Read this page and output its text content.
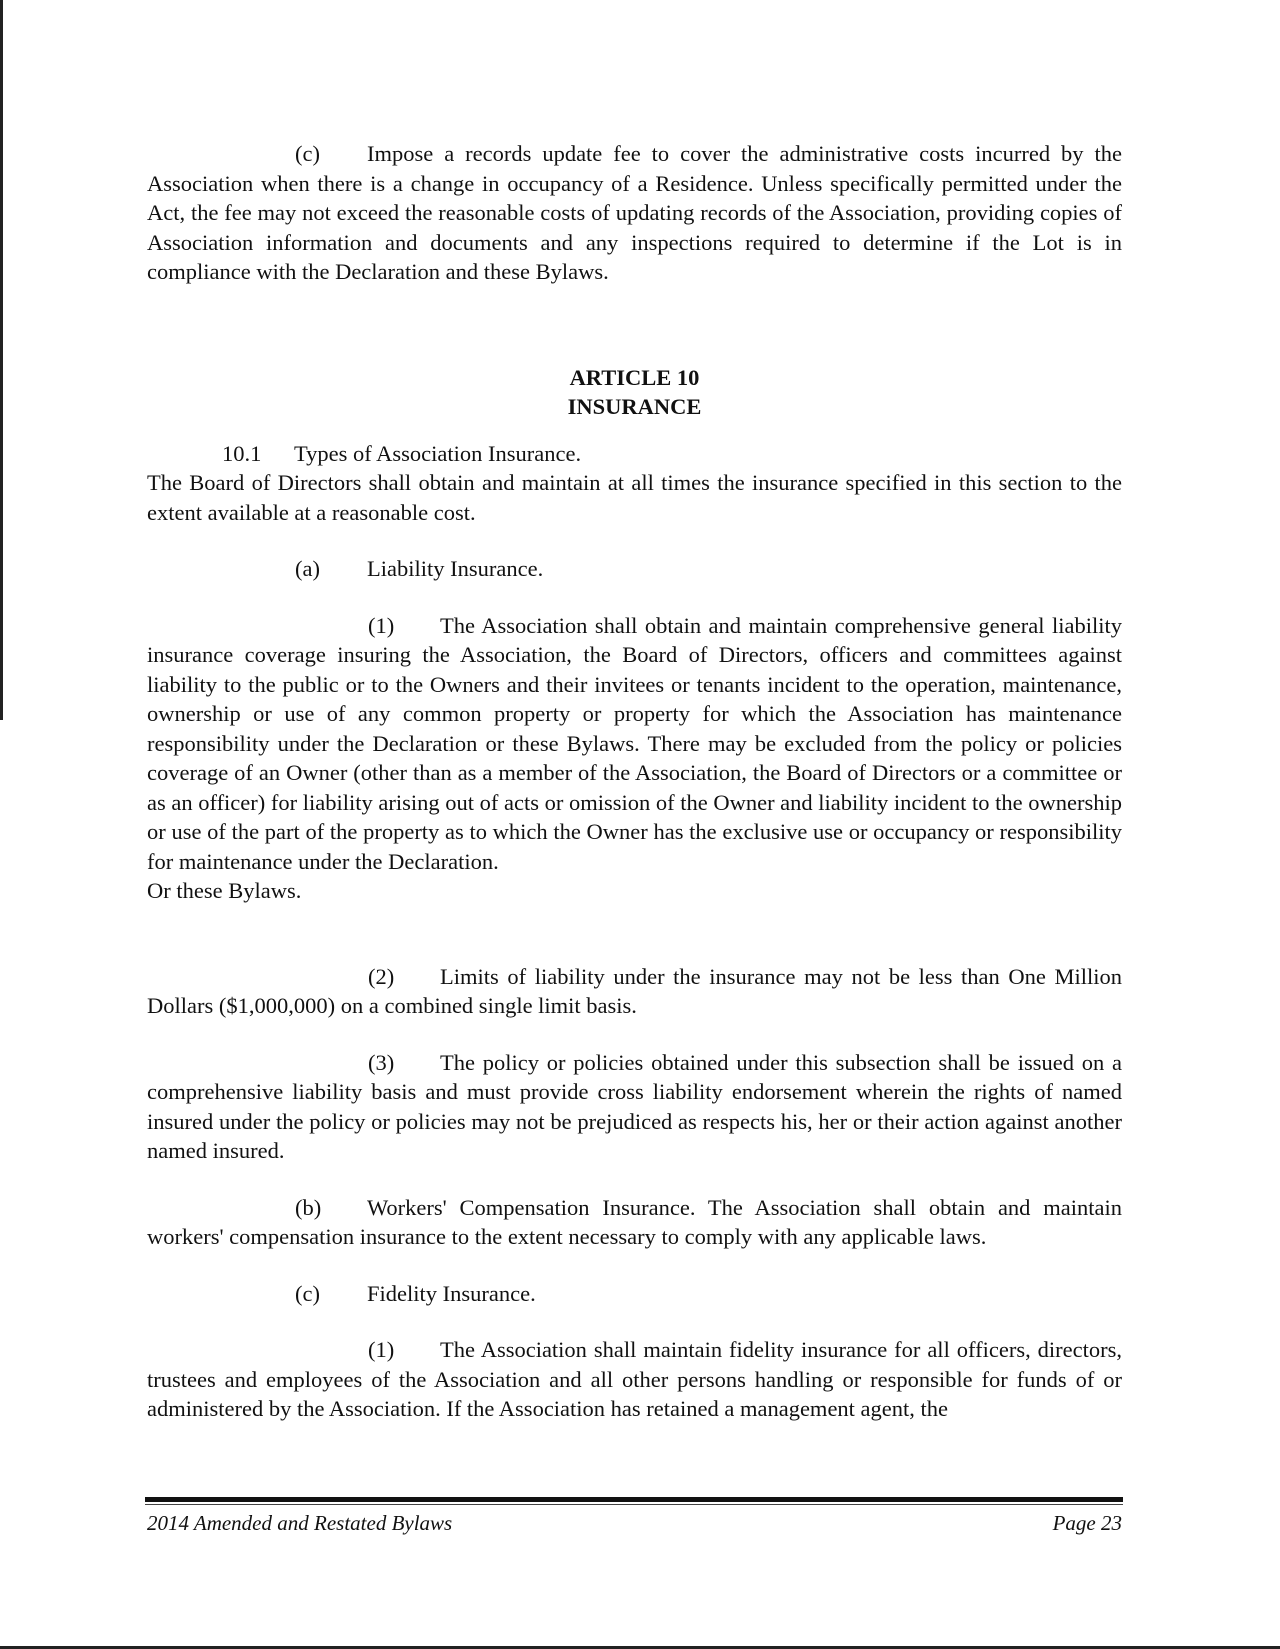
(c) Impose a records update fee to cover the administrative costs incurred by the Association when there is a change in occupancy of a Residence. Unless specifically permitted under the Act, the fee may not exceed the reasonable costs of updating records of the Association, providing copies of Association information and documents and any inspections required to determine if the Lot is in compliance with the Declaration and these Bylaws.

ARTICLE 10

INSURANCE

10.1 Types of Association Insurance.

The Board of Directors shall obtain and maintain at all times the insurance specified in this section to the extent available at a reasonable cost.

(a) Liability Insurance.

(1) The Association shall obtain and maintain comprehensive general liability insurance coverage insuring the Association, the Board of Directors, officers and committees against liability to the public or to the Owners and their invitees or tenants incident to the operation, maintenance, ownership or use of any common property or property for which the Association has maintenance responsibility under the Declaration or these Bylaws. There may be excluded from the policy or policies coverage of an Owner (other than as a member of the Association, the Board of Directors or a committee or as an officer) for liability arising out of acts or omission of the Owner and liability incident to the ownership or use of the part of the property as to which the Owner has the exclusive use or occupancy or responsibility for maintenance under the Declaration.

Or these Bylaws.

(2) Limits of liability under the insurance may not be less than One Million Dollars ($1,000,000) on a combined single limit basis.

(3) The policy or policies obtained under this subsection shall be issued on a comprehensive liability basis and must provide cross liability endorsement wherein the rights of named insured under the policy or policies may not be prejudiced as respects his, her or their action against another named insured.

(b) Workers' Compensation Insurance. The Association shall obtain and maintain workers' compensation insurance to the extent necessary to comply with any applicable laws.

(c) Fidelity Insurance.

(1) The Association shall maintain fidelity insurance for all officers, directors, trustees and employees of the Association and all other persons handling or responsible for funds of or administered by the Association. If the Association has retained a management agent, the

2014 Amended and Restated Bylaws	Page 23
